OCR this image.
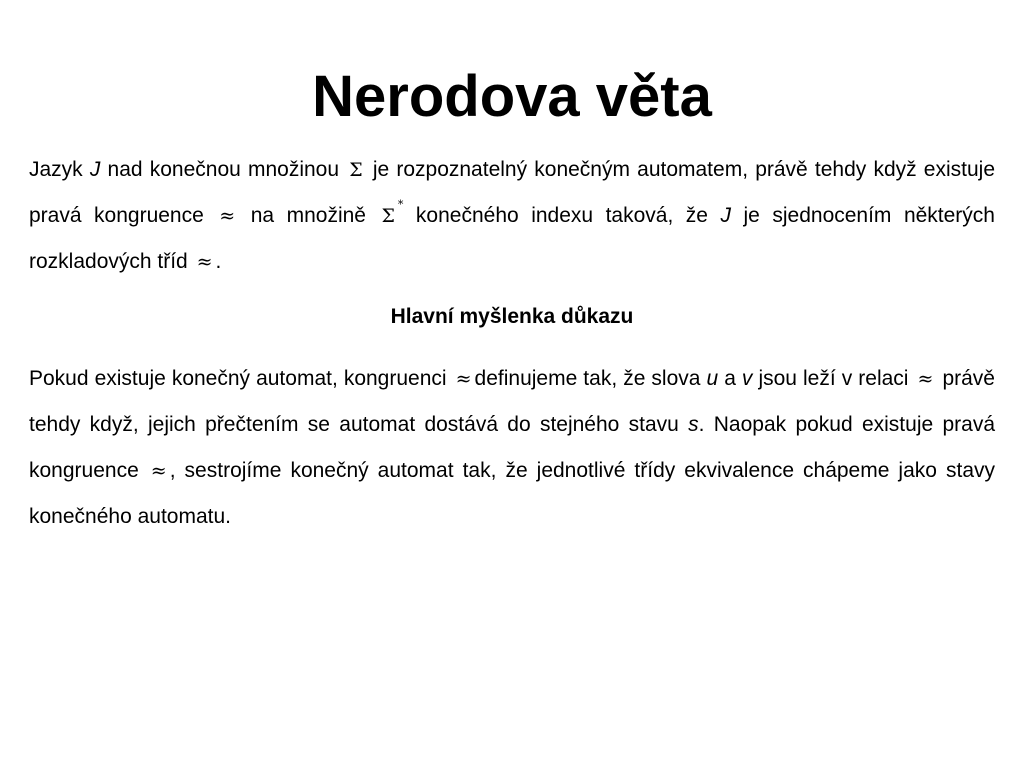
Nerodova věta
Jazyk J nad konečnou množinou Σ je rozpoznatelný konečným automatem, právě tehdy když existuje pravá kongruence ≈ na množině Σ* konečného indexu taková, že J je sjednocením některých rozkladových tříd ≈ .
Hlavní myšlenka důkazu
Pokud existuje konečný automat, kongruenci ≈ definujeme tak, že slova u a v jsou leží v relaci ≈ právě tehdy když, jejich přečtením se automat dostává do stejného stavu s. Naopak pokud existuje pravá kongruence ≈ , sestrojíme konečný automat tak, že jednotlivé třídy ekvivalence chápeme jako stavy konečného automatu.
